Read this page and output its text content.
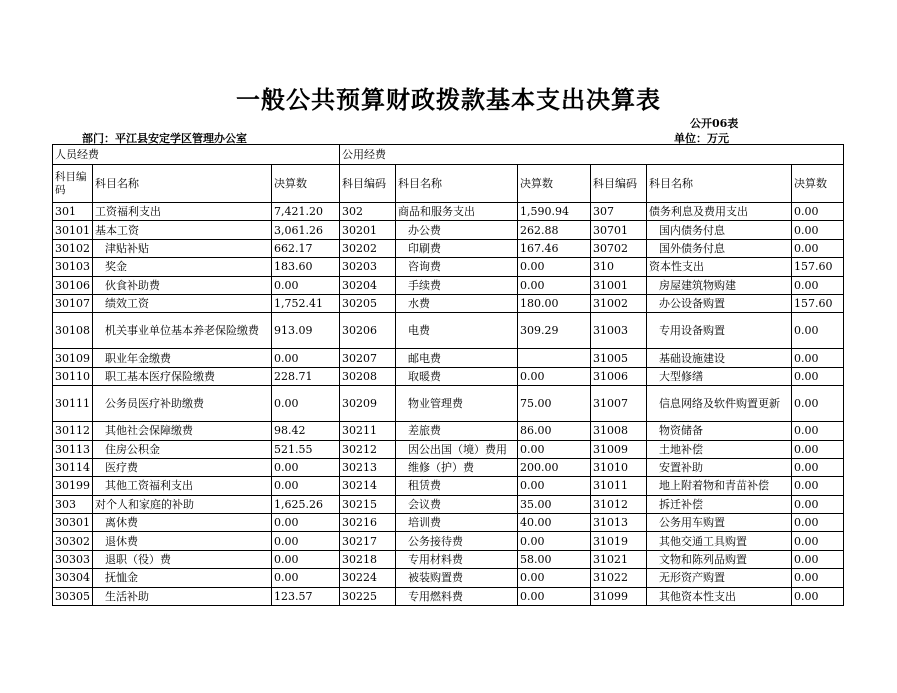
一般公共预算财政拨款基本支出决算表
公开06表
部门：平江县安定学区管理办公室	单位：万元
人员经费			公用经费					
科目编码	科目名称	决算数	科目编码	科目名称	决算数	科目编码	科目名称	决算数
301	工资福利支出	7,421.20	302	商品和服务支出	1,590.94	307	债务利息及费用支出	0.00
30101	基本工资	3,061.26	30201	办公费	262.88	30701	国内债务付息	0.00
30102	津贴补贴	662.17	30202	印刷费	167.46	30702	国外债务付息	0.00
30103	奖金	183.60	30203	咨询费	0.00	310	资本性支出	157.60
30106	伙食补助费	0.00	30204	手续费	0.00	31001	房屋建筑物购建	0.00
30107	绩效工资	1,752.41	30205	水费	180.00	31002	办公设备购置	157.60
30108	机关事业单位基本养老保险缴费	913.09	30206	电费	309.29	31003	专用设备购置	0.00
30109	职业年金缴费	0.00	30207	邮电费		31005	基础设施建设	0.00
30110	职工基本医疗保险缴费	228.71	30208	取暖费	0.00	31006	大型修缮	0.00
30111	公务员医疗补助缴费	0.00	30209	物业管理费	75.00	31007	信息网络及软件购置更新	0.00
30112	其他社会保障缴费	98.42	30211	差旅费	86.00	31008	物资储备	0.00
30113	住房公积金	521.55	30212	因公出国（境）费用	0.00	31009	土地补偿	0.00
30114	医疗费	0.00	30213	维修（护）费	200.00	31010	安置补助	0.00
30199	其他工资福利支出	0.00	30214	租赁费	0.00	31011	地上附着物和青苗补偿	0.00
303	对个人和家庭的补助	1,625.26	30215	会议费	35.00	31012	拆迁补偿	0.00
30301	离休费	0.00	30216	培训费	40.00	31013	公务用车购置	0.00
30302	退休费	0.00	30217	公务接待费	0.00	31019	其他交通工具购置	0.00
30303	退职（役）费	0.00	30218	专用材料费	58.00	31021	文物和陈列品购置	0.00
30304	抚恤金	0.00	30224	被装购置费	0.00	31022	无形资产购置	0.00
30305	生活补助	123.57	30225	专用燃料费	0.00	31099	其他资本性支出	0.00
